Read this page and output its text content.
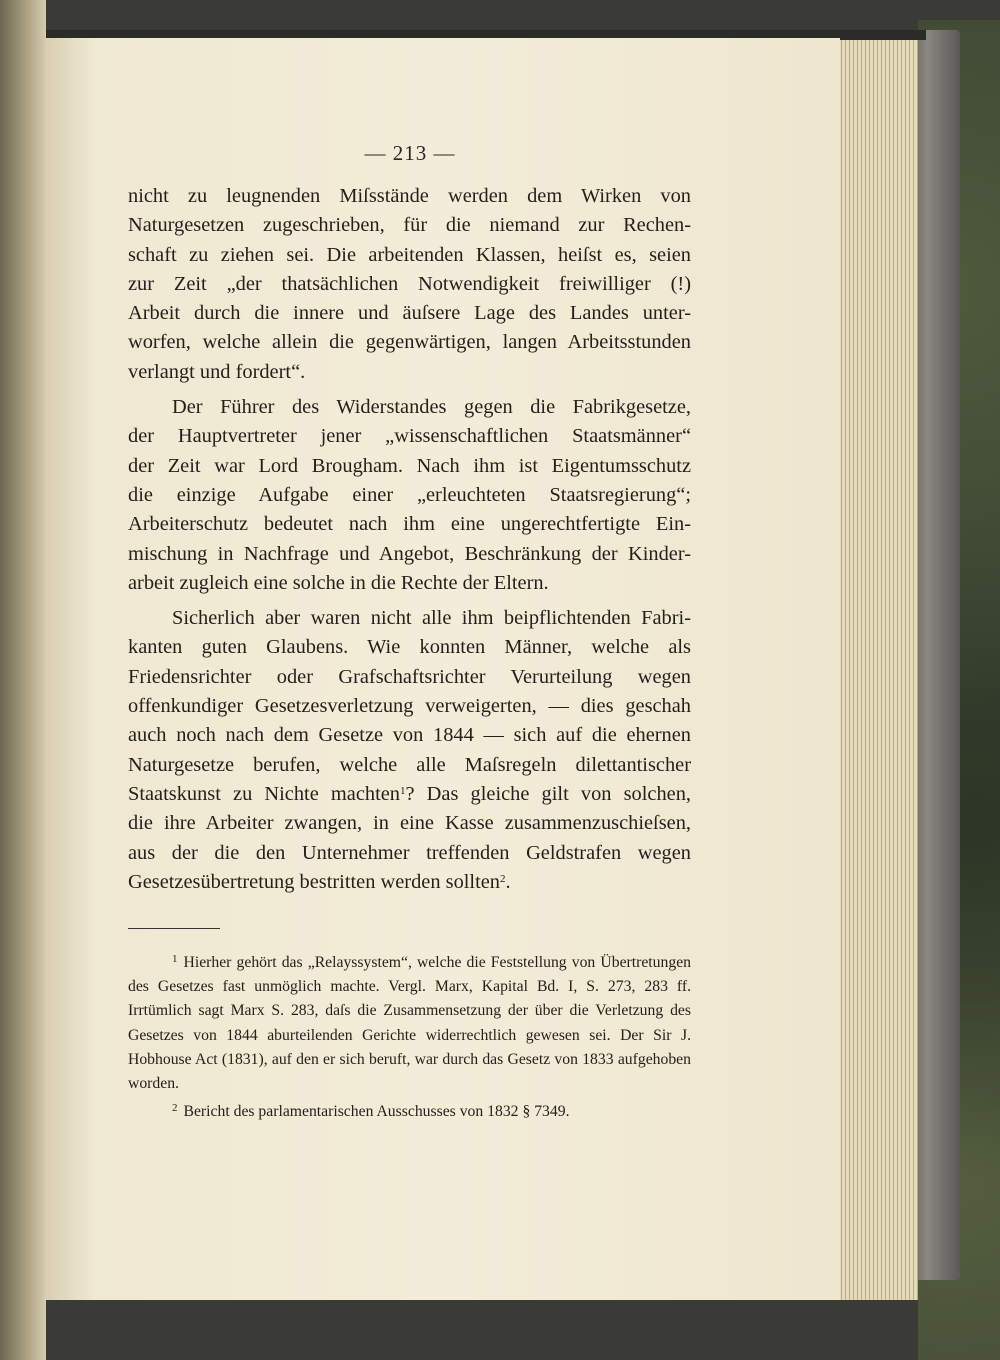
— 213 —

nicht zu leugnenden Miſsstände werden dem Wirken von

Naturgesetzen zugeschrieben, für die niemand zur Rechen-

schaft zu ziehen sei. Die arbeitenden Klassen, heiſst es, seien

zur Zeit „der thatsächlichen Notwendigkeit freiwilliger (!)

Arbeit durch die innere und äuſsere Lage des Landes unter-

worfen, welche allein die gegenwärtigen, langen Arbeitsstunden

verlangt und fordert“.

Der Führer des Widerstandes gegen die Fabrikgesetze,

der Hauptvertreter jener „wissenschaftlichen Staatsmänner“

der Zeit war Lord Brougham. Nach ihm ist Eigentumsschutz

die einzige Aufgabe einer „erleuchteten Staatsregierung“;

Arbeiterschutz bedeutet nach ihm eine ungerechtfertigte Ein-

mischung in Nachfrage und Angebot, Beschränkung der Kinder-

arbeit zugleich eine solche in die Rechte der Eltern.

Sicherlich aber waren nicht alle ihm beipflichtenden Fabri-

kanten guten Glaubens. Wie konnten Männer, welche als

Friedensrichter oder Grafschaftsrichter Verurteilung wegen

offenkundiger Gesetzesverletzung verweigerten, — dies geschah

auch noch nach dem Gesetze von 1844 — sich auf die ehernen

Naturgesetze berufen, welche alle Maſsregeln dilettantischer

Staatskunst zu Nichte machten$^1$? Das gleiche gilt von solchen,

die ihre Arbeiter zwangen, in eine Kasse zusammenzuschieſsen,

aus der die den Unternehmer treffenden Geldstrafen wegen

Gesetzesübertretung bestritten werden sollten$^2$.

$^1$ Hierher gehört das „Relayssystem“, welche die Feststellung von Übertretungen des Gesetzes fast unmöglich machte. Vergl. Marx, Kapital Bd. I, S. 273, 283 ff. Irrtümlich sagt Marx S. 283, daſs die Zusammensetzung der über die Verletzung des Gesetzes von 1844 aburteilenden Gerichte widerrechtlich gewesen sei. Der Sir J. Hobhouse Act (1831), auf den er sich beruft, war durch das Gesetz von 1833 aufgehoben worden.

$^2$ Bericht des parlamentarischen Ausschusses von 1832 § 7349.
